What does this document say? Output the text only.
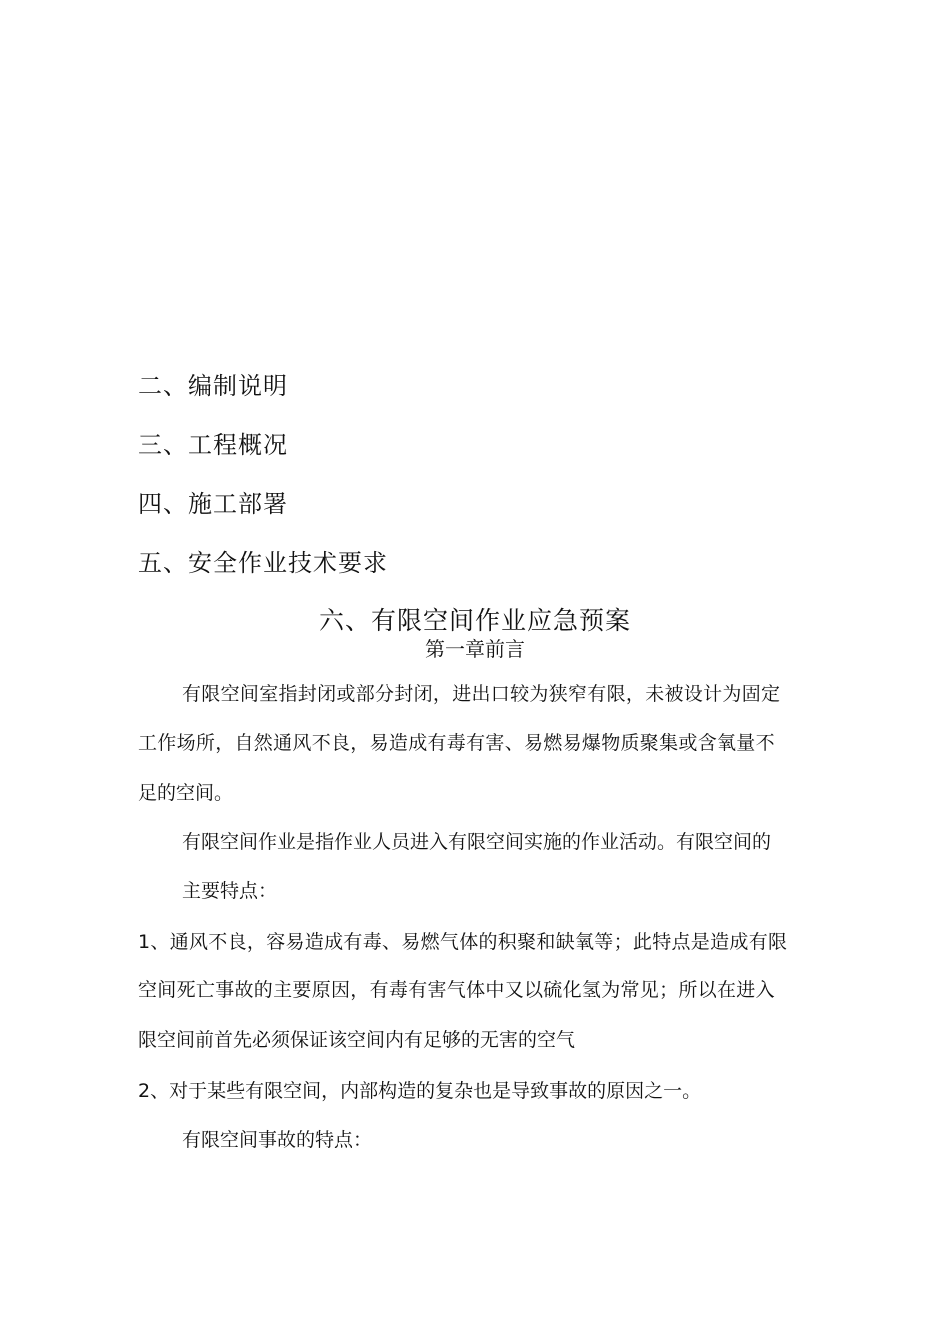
二、编制说明
三、工程概况
四、施工部署
五、安全作业技术要求
六、有限空间作业应急预案
第一章前言
有限空间室指封闭或部分封闭，进出口较为狭窄有限，未被设计为固定
工作场所，自然通风不良，易造成有毒有害、易燃易爆物质聚集或含氧量不
足的空间。
有限空间作业是指作业人员进入有限空间实施的作业活动。有限空间的
主要特点：
1、通风不良，容易造成有毒、易燃气体的积聚和缺氧等；此特点是造成有限
空间死亡事故的主要原因，有毒有害气体中又以硫化氢为常见；所以在进入
限空间前首先必须保证该空间内有足够的无害的空气
2、对于某些有限空间，内部构造的复杂也是导致事故的原因之一。
有限空间事故的特点：
